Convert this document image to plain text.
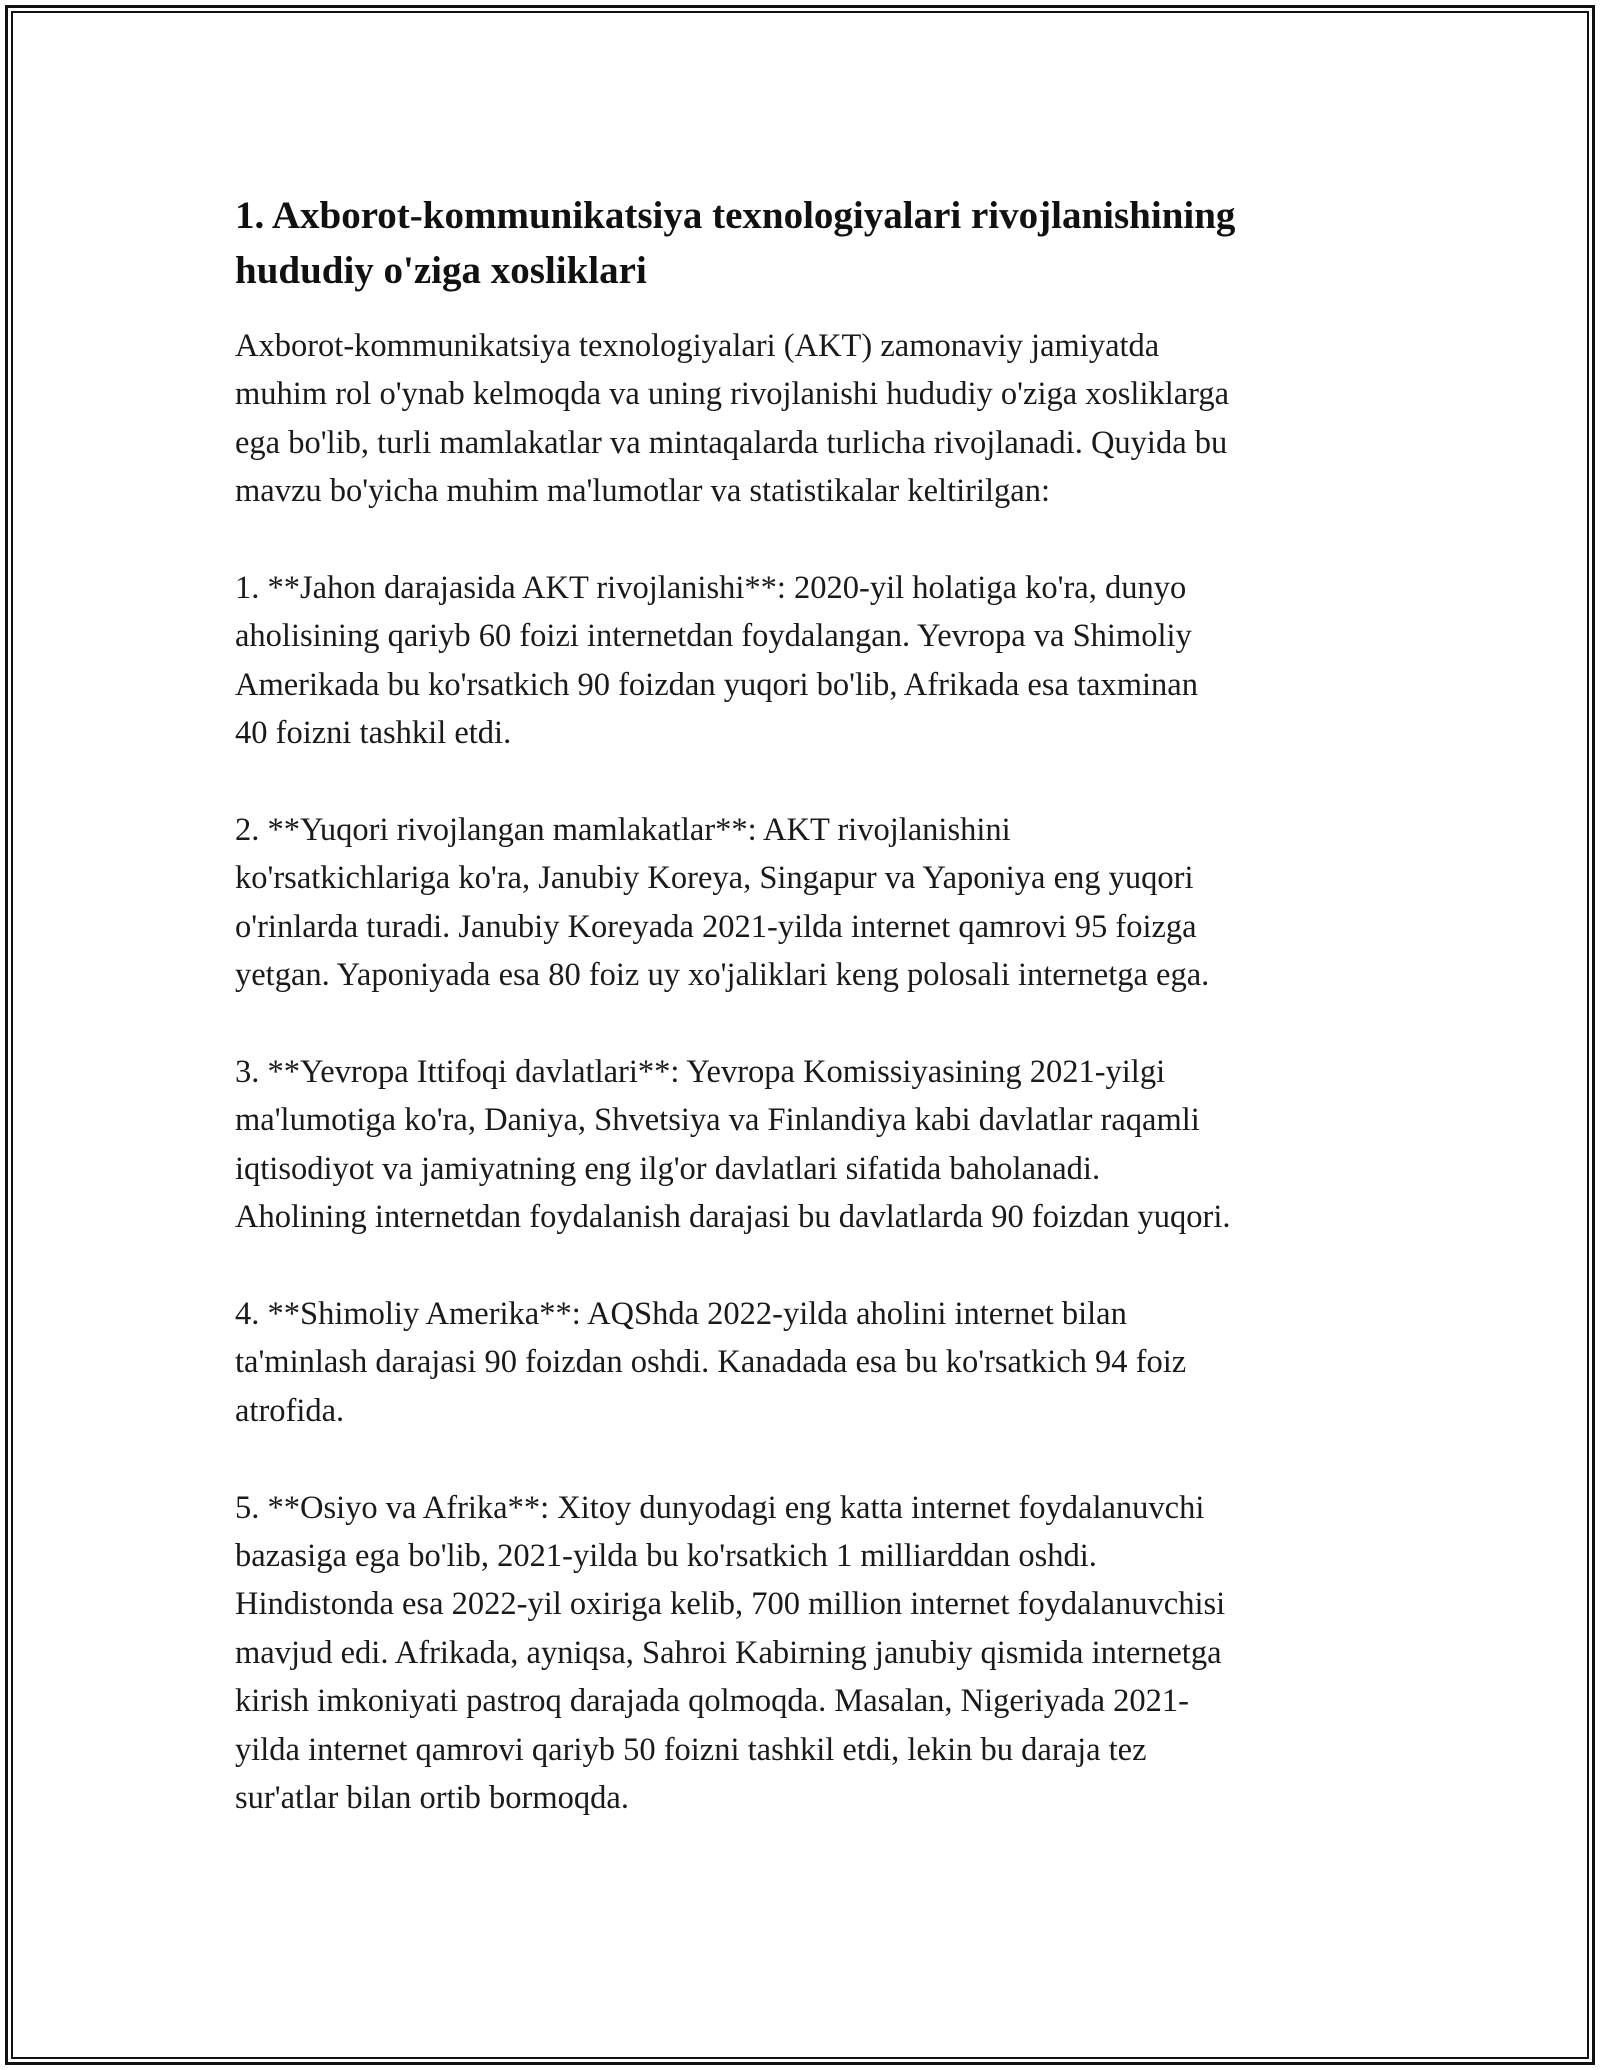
1. Axborot-kommunikatsiya texnologiyalari rivojlanishining
hududiy o'ziga xosliklari

Axborot-kommunikatsiya texnologiyalari (AKT) zamonaviy jamiyatda
muhim rol o'ynab kelmoqda va uning rivojlanishi hududiy o'ziga xosliklarga
ega bo'lib, turli mamlakatlar va mintaqalarda turlicha rivojlanadi. Quyida bu
mavzu bo'yicha muhim ma'lumotlar va statistikalar keltirilgan:

1. **Jahon darajasida AKT rivojlanishi**: 2020-yil holatiga ko'ra, dunyo
aholisining qariyb 60 foizi internetdan foydalangan. Yevropa va Shimoliy
Amerikada bu ko'rsatkich 90 foizdan yuqori bo'lib, Afrikada esa taxminan
40 foizni tashkil etdi.

2. **Yuqori rivojlangan mamlakatlar**: AKT rivojlanishini
ko'rsatkichlariga ko'ra, Janubiy Koreya, Singapur va Yaponiya eng yuqori
o'rinlarda turadi. Janubiy Koreyada 2021-yilda internet qamrovi 95 foizga
yetgan. Yaponiyada esa 80 foiz uy xo'jaliklari keng polosali internetga ega.

3. **Yevropa Ittifoqi davlatlari**: Yevropa Komissiyasining 2021-yilgi
ma'lumotiga ko'ra, Daniya, Shvetsiya va Finlandiya kabi davlatlar raqamli
iqtisodiyot va jamiyatning eng ilg'or davlatlari sifatida baholanadi.
Aholining internetdan foydalanish darajasi bu davlatlarda 90 foizdan yuqori.

4. **Shimoliy Amerika**: AQShda 2022-yilda aholini internet bilan
ta'minlash darajasi 90 foizdan oshdi. Kanadada esa bu ko'rsatkich 94 foiz
atrofida.

5. **Osiyo va Afrika**: Xitoy dunyodagi eng katta internet foydalanuvchi
bazasiga ega bo'lib, 2021-yilda bu ko'rsatkich 1 milliarddan oshdi.
Hindistonda esa 2022-yil oxiriga kelib, 700 million internet foydalanuvchisi
mavjud edi. Afrikada, ayniqsa, Sahroi Kabirning janubiy qismida internetga
kirish imkoniyati pastroq darajada qolmoqda. Masalan, Nigeriyada 2021-
yilda internet qamrovi qariyb 50 foizni tashkil etdi, lekin bu daraja tez
sur'atlar bilan ortib bormoqda.
